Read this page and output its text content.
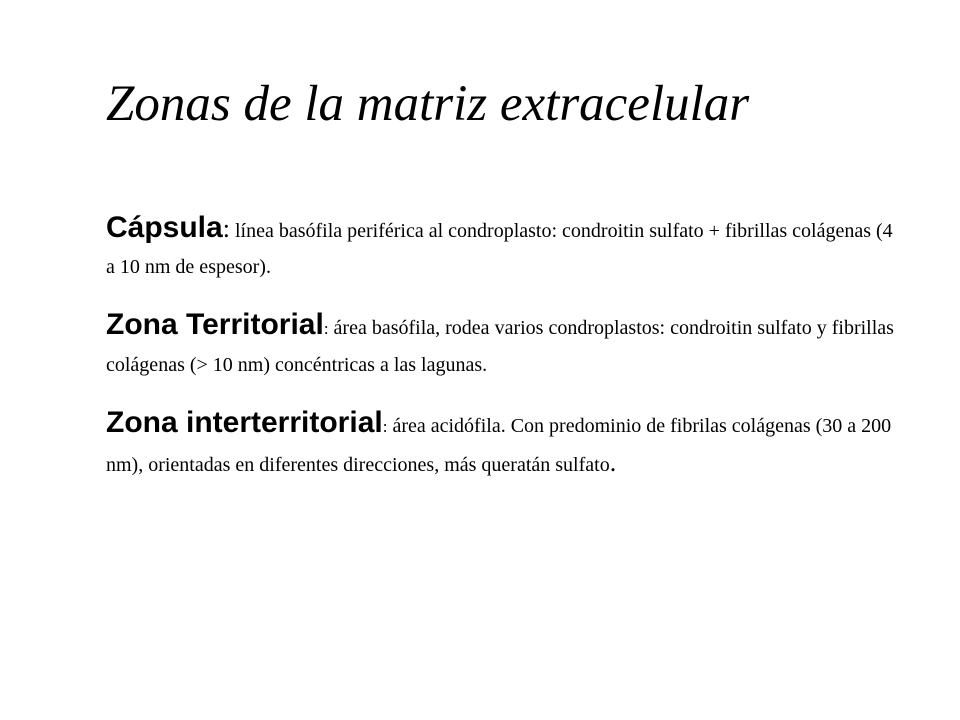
Zonas de la matriz extracelular

Cápsula: línea basófila periférica al condroplasto: condroitin sulfato + fibrillas colágenas (4 a 10 nm de espesor).

Zona Territorial: área basófila, rodea varios condroplastos: condroitin sulfato y fibrillas colágenas (> 10 nm) concéntricas a las lagunas.

Zona interterritorial: área acidófila. Con predominio de fibrilas colágenas (30 a 200 nm), orientadas en diferentes direcciones, más queratán sulfato.
